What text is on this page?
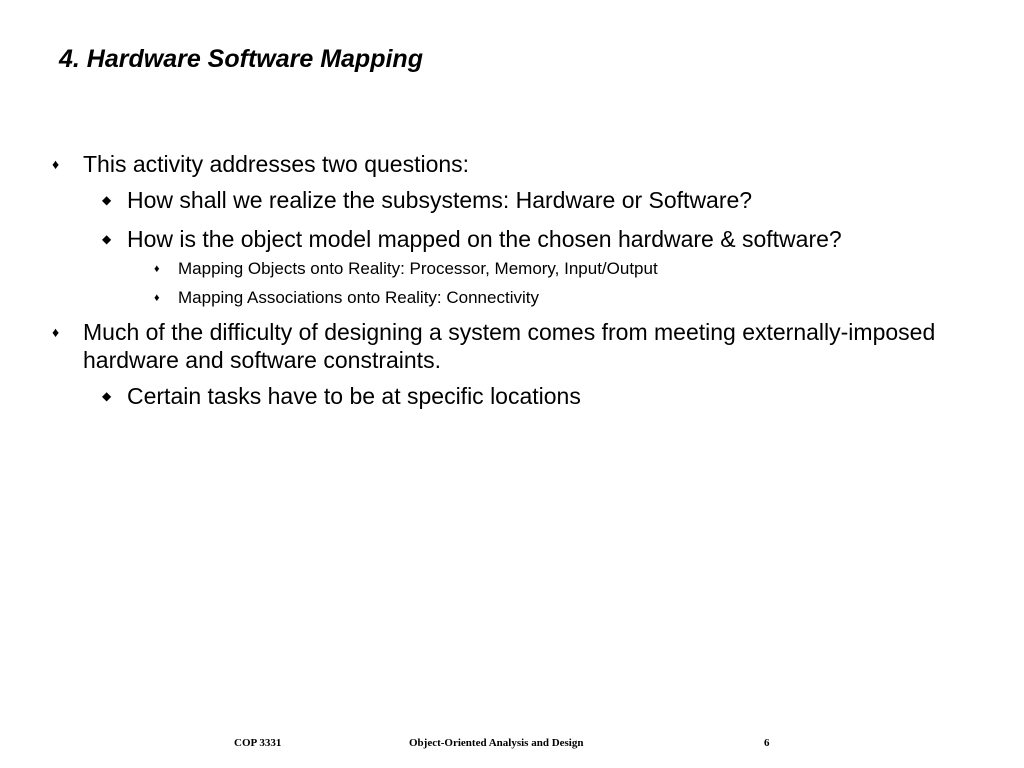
4. Hardware Software Mapping
♦ This activity addresses two questions:
◆ How shall we realize the subsystems: Hardware or Software?
◆ How is the object model mapped on the chosen hardware & software?
♦ Mapping Objects onto Reality: Processor, Memory, Input/Output
♦ Mapping Associations onto Reality: Connectivity
♦ Much of the difficulty of designing a system comes from meeting externally-imposed hardware and software constraints.
◆ Certain tasks have to be at specific locations
COP 3331	Object-Oriented Analysis and Design	6
